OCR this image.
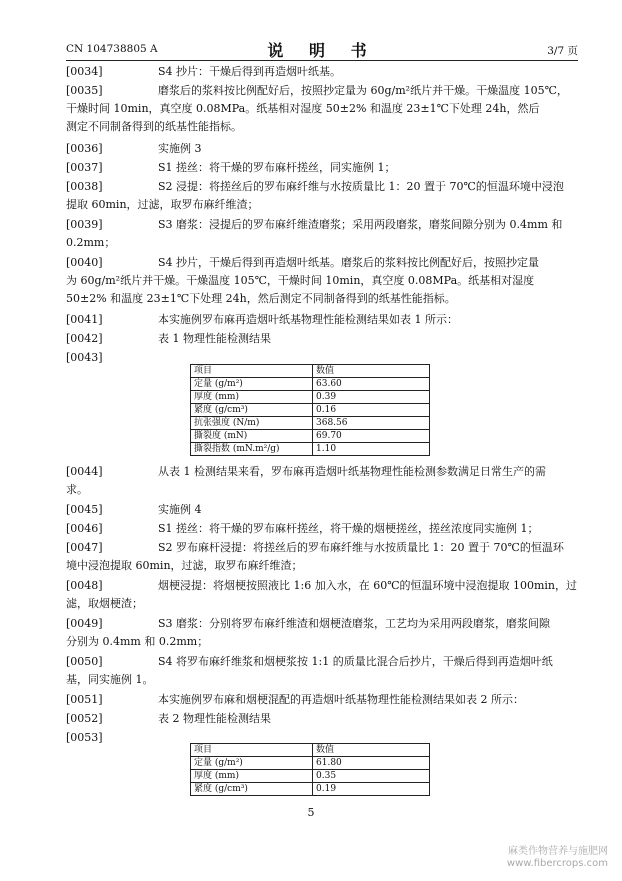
CN 104738805 A	说 明 书	3/7 页
[0034]	S4 抄片：干燥后得到再造烟叶纸基。
[0035]	磨浆后的浆料按比例配好后，按照抄定量为 60g/m²纸片并干燥。干燥温度 105℃，
干燥时间 10min，真空度 0.08MPa。纸基相对湿度 50±2% 和温度 23±1℃下处理 24h，然后
测定不同制备得到的纸基性能指标。
[0036]	实施例 3
[0037]	S1 搓丝：将干燥的罗布麻杆搓丝，同实施例 1；
[0038]	S2 浸提：将搓丝后的罗布麻纤维与水按质量比 1：20 置于 70℃的恒温环境中浸泡
提取 60min，过滤，取罗布麻纤维渣；
[0039]	S3 磨浆：浸提后的罗布麻纤维渣磨浆；采用两段磨浆，磨浆间隙分别为 0.4mm 和
0.2mm；
[0040]	S4 抄片，干燥后得到再造烟叶纸基。磨浆后的浆料按比例配好后，按照抄定量
为 60g/m²纸片并干燥。干燥温度 105℃，干燥时间 10min，真空度 0.08MPa。纸基相对湿度
50±2% 和温度 23±1℃下处理 24h，然后测定不同制备得到的纸基性能指标。
[0041]	本实施例罗布麻再造烟叶纸基物理性能检测结果如表 1 所示：
[0042]	表 1 物理性能检测结果
[0043]
[0044]	从表 1 检测结果来看，罗布麻再造烟叶纸基物理性能检测参数满足日常生产的需
求。
[0045]	实施例 4
[0046]	S1 搓丝：将干燥的罗布麻杆搓丝，将干燥的烟梗搓丝，搓丝浓度同实施例 1；
[0047]	S2 罗布麻杆浸提：将搓丝后的罗布麻纤维与水按质量比 1：20 置于 70℃的恒温环
境中浸泡提取 60min，过滤，取罗布麻纤维渣；
[0048]	烟梗浸提：将烟梗按照液比 1:6 加入水，在 60℃的恒温环境中浸泡提取 100min，过
滤，取烟梗渣；
[0049]	S3 磨浆：分别将罗布麻纤维渣和烟梗渣磨浆，工艺均为采用两段磨浆，磨浆间隙
分别为 0.4mm 和 0.2mm；
[0050]	S4 将罗布麻纤维浆和烟梗浆按 1:1 的质量比混合后抄片，干燥后得到再造烟叶纸
基，同实施例 1。
[0051]	本实施例罗布麻和烟梗混配的再造烟叶纸基物理性能检测结果如表 2 所示：
[0052]	表 2 物理性能检测结果
[0053]
项目	数值
定量 (g/m²)	63.60
厚度 (mm)	0.39
紧度 (g/cm³)	0.16
抗张强度 (N/m)	368.56
撕裂度 (mN)	69.70
撕裂指数 (mN.m²/g)	1.10
项目	数值
定量 (g/m²)	61.80
厚度 (mm)	0.35
紧度 (g/cm³)	0.19
5
麻类作物营养与施肥网
www.fibercrops.com
